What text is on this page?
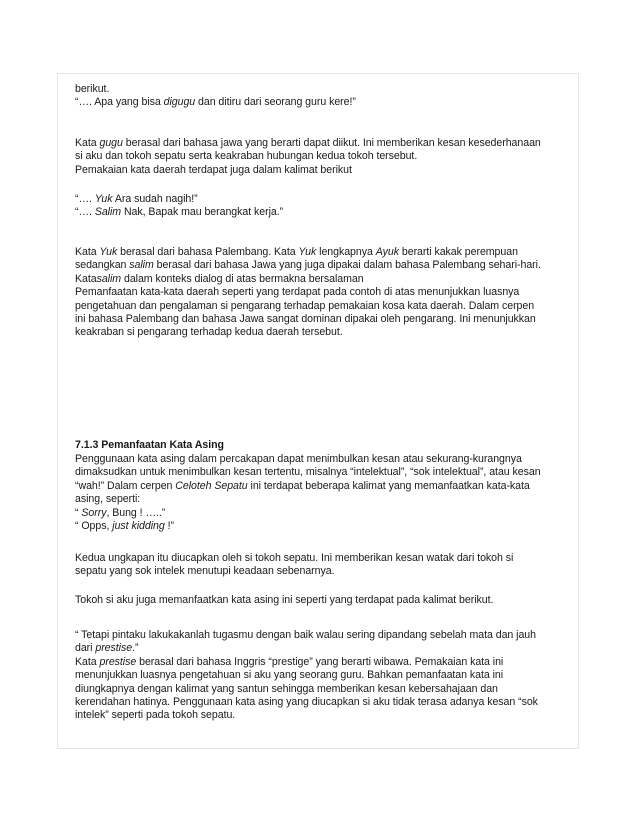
berikut.

“…. Apa yang bisa digugu dan ditiru dari seorang guru kere!”

Kata gugu berasal dari bahasa jawa yang berarti dapat diikut. Ini memberikan kesan kesederhanaan

si aku dan tokoh sepatu serta keakraban hubungan kedua tokoh tersebut.

Pemakaian kata daerah terdapat juga dalam kalimat berikut

“…. Yuk Ara sudah nagih!”

“…. Salim Nak, Bapak mau berangkat kerja.”

Kata Yuk berasal dari bahasa Palembang. Kata Yuk lengkapnya Ayuk berarti kakak perempuan

sedangkan salim berasal dari bahasa Jawa yang juga dipakai dalam bahasa Palembang sehari-hari.

Katasalim dalam konteks dialog di atas bermakna bersalaman

Pemanfaatan kata-kata daerah seperti yang terdapat pada contoh di atas menunjukkan luasnya

pengetahuan dan pengalaman si pengarang terhadap pemakaian kosa kata daerah. Dalam cerpen

ini bahasa Palembang dan bahasa Jawa sangat dominan dipakai oleh pengarang. Ini menunjukkan

keakraban si pengarang terhadap kedua daerah tersebut.

7.1.3 Pemanfaatan Kata Asing

Penggunaan kata asing dalam percakapan dapat menimbulkan kesan atau sekurang-kurangnya

dimaksudkan untuk menimbulkan kesan tertentu, misalnya “intelektual”, “sok intelektual”, atau kesan

“wah!” Dalam cerpen Celoteh Sepatu ini terdapat beberapa kalimat yang memanfaatkan kata-kata

asing, seperti:

“ Sorry, Bung ! …..”

“ Opps, just kidding !”

Kedua ungkapan itu diucapkan oleh si tokoh sepatu. Ini memberikan kesan watak dari tokoh si

sepatu yang sok intelek menutupi keadaan sebenarnya.

Tokoh si aku juga memanfaatkan kata asing ini seperti yang terdapat pada kalimat berikut.

“ Tetapi pintaku lakukakanlah tugasmu dengan baik walau sering dipandang sebelah mata dan jauh

dari prestise.”

Kata prestise berasal dari bahasa Inggris “prestige” yang berarti wibawa. Pemakaian kata ini

menunjukkan luasnya pengetahuan si aku yang seorang guru. Bahkan pemanfaatan kata ini

diungkapnya dengan kalimat yang santun sehingga memberikan kesan kebersahajaan dan

kerendahan hatinya. Penggunaan kata asing yang diucapkan si aku tidak terasa adanya kesan “sok

intelek” seperti pada tokoh sepatu.
